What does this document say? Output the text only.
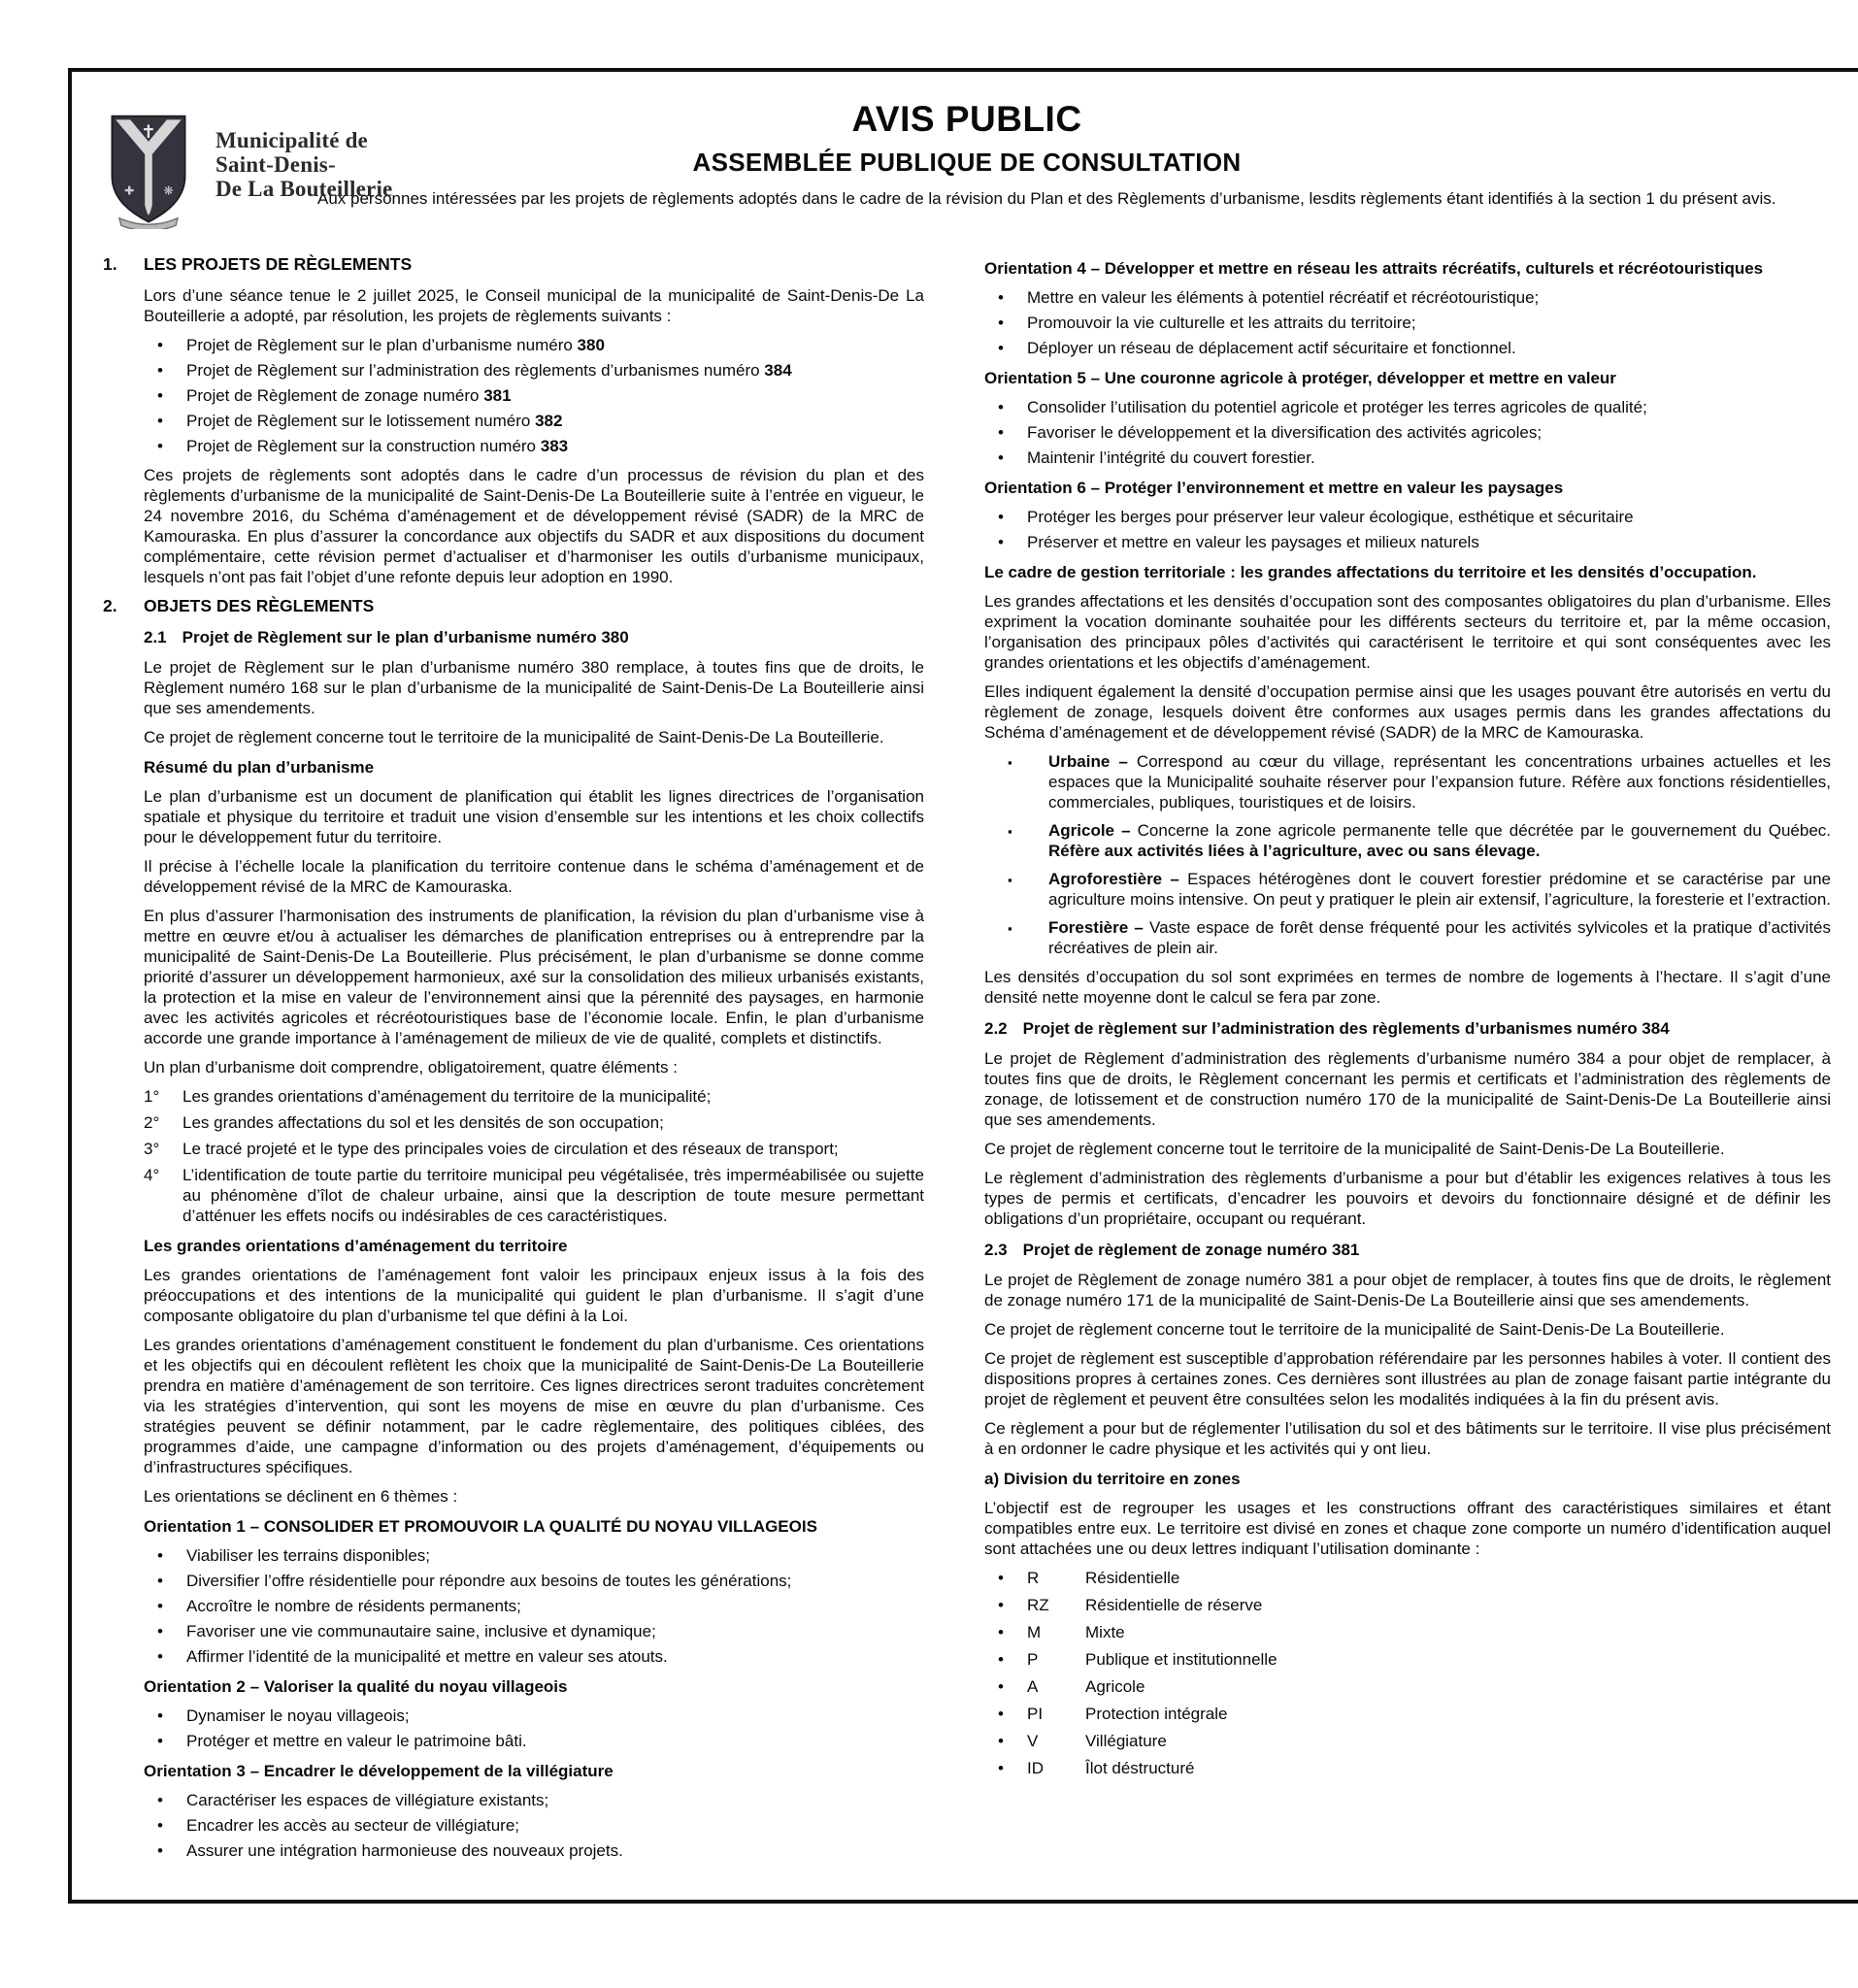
✝
✚ ❋
Municipalité de
Saint-Denis-
De La Bouteillerie
AVIS PUBLIC
ASSEMBLÉE PUBLIQUE DE CONSULTATION
Aux personnes intéressées par les projets de règlements adoptés dans le cadre de la révision du Plan et des Règlements d’urbanisme, lesdits règlements étant identifiés à la section 1 du présent avis.
1. LES PROJETS DE RÈGLEMENTS
Lors d’une séance tenue le 2 juillet 2025, le Conseil municipal de la municipalité de Saint-Denis-De La Bouteillerie a adopté, par résolution, les projets de règlements suivants :
• Projet de Règlement sur le plan d’urbanisme numéro 380
• Projet de Règlement sur l’administration des règlements d’urbanismes numéro 384
• Projet de Règlement de zonage numéro 381
• Projet de Règlement sur le lotissement numéro 382
• Projet de Règlement sur la construction numéro 383
Ces projets de règlements sont adoptés dans le cadre d’un processus de révision du plan et des règlements d’urbanisme de la municipalité de Saint-Denis-De La Bouteillerie suite à l’entrée en vigueur, le 24 novembre 2016, du Schéma d’aménagement et de développement révisé (SADR) de la MRC de Kamouraska. En plus d’assurer la concordance aux objectifs du SADR et aux dispositions du document complémentaire, cette révision permet d’actualiser et d’harmoniser les outils d’urbanisme municipaux, lesquels n’ont pas fait l’objet d’une refonte depuis leur adoption en 1990.
2. OBJETS DES RÈGLEMENTS
2.1 Projet de Règlement sur le plan d’urbanisme numéro 380
Le projet de Règlement sur le plan d’urbanisme numéro 380 remplace, à toutes fins que de droits, le Règlement numéro 168 sur le plan d’urbanisme de la municipalité de Saint-Denis-De La Bouteillerie ainsi que ses amendements.
Ce projet de règlement concerne tout le territoire de la municipalité de Saint-Denis-De La Bouteillerie.
Résumé du plan d’urbanisme
Le plan d’urbanisme est un document de planification qui établit les lignes directrices de l’organisation spatiale et physique du territoire et traduit une vision d’ensemble sur les intentions et les choix collectifs pour le développement futur du territoire.
Il précise à l’échelle locale la planification du territoire contenue dans le schéma d’aménagement et de développement révisé de la MRC de Kamouraska.
En plus d’assurer l’harmonisation des instruments de planification, la révision du plan d’urbanisme vise à mettre en œuvre et/ou à actualiser les démarches de planification entreprises ou à entreprendre par la municipalité de Saint-Denis-De La Bouteillerie. Plus précisément, le plan d’urbanisme se donne comme priorité d’assurer un développement harmonieux, axé sur la consolidation des milieux urbanisés existants, la protection et la mise en valeur de l’environnement ainsi que la pérennité des paysages, en harmonie avec les activités agricoles et récréotouristiques base de l’économie locale. Enfin, le plan d’urbanisme accorde une grande importance à l’aménagement de milieux de vie de qualité, complets et distinctifs.
Un plan d’urbanisme doit comprendre, obligatoirement, quatre éléments :
1° Les grandes orientations d’aménagement du territoire de la municipalité;
2° Les grandes affectations du sol et les densités de son occupation;
3° Le tracé projeté et le type des principales voies de circulation et des réseaux de transport;
4° L’identification de toute partie du territoire municipal peu végétalisée, très imperméabilisée ou sujette au phénomène d’îlot de chaleur urbaine, ainsi que la description de toute mesure permettant d’atténuer les effets nocifs ou indésirables de ces caractéristiques.
Les grandes orientations d’aménagement du territoire
Les grandes orientations de l’aménagement font valoir les principaux enjeux issus à la fois des préoccupations et des intentions de la municipalité qui guident le plan d’urbanisme. Il s’agit d’une composante obligatoire du plan d’urbanisme tel que défini à la Loi.
Les grandes orientations d’aménagement constituent le fondement du plan d’urbanisme. Ces orientations et les objectifs qui en découlent reflètent les choix que la municipalité de Saint-Denis-De La Bouteillerie prendra en matière d’aménagement de son territoire. Ces lignes directrices seront traduites concrètement via les stratégies d’intervention, qui sont les moyens de mise en œuvre du plan d’urbanisme. Ces stratégies peuvent se définir notamment, par le cadre règlementaire, des politiques ciblées, des programmes d’aide, une campagne d’information ou des projets d’aménagement, d’équipements ou d’infrastructures spécifiques.
Les orientations se déclinent en 6 thèmes :
Orientation 1 – CONSOLIDER ET PROMOUVOIR LA QUALITÉ DU NOYAU VILLAGEOIS
• Viabiliser les terrains disponibles;
• Diversifier l’offre résidentielle pour répondre aux besoins de toutes les générations;
• Accroître le nombre de résidents permanents;
• Favoriser une vie communautaire saine, inclusive et dynamique;
• Affirmer l’identité de la municipalité et mettre en valeur ses atouts.
Orientation 2 – Valoriser la qualité du noyau villageois
• Dynamiser le noyau villageois;
• Protéger et mettre en valeur le patrimoine bâti.
Orientation 3 – Encadrer le développement de la villégiature
• Caractériser les espaces de villégiature existants;
• Encadrer les accès au secteur de villégiature;
• Assurer une intégration harmonieuse des nouveaux projets.
Orientation 4 – Développer et mettre en réseau les attraits récréatifs, culturels et récréotouristiques
• Mettre en valeur les éléments à potentiel récréatif et récréotouristique;
• Promouvoir la vie culturelle et les attraits du territoire;
• Déployer un réseau de déplacement actif sécuritaire et fonctionnel.
Orientation 5 – Une couronne agricole à protéger, développer et mettre en valeur
• Consolider l’utilisation du potentiel agricole et protéger les terres agricoles de qualité;
• Favoriser le développement et la diversification des activités agricoles;
• Maintenir l’intégrité du couvert forestier.
Orientation 6 – Protéger l’environnement et mettre en valeur les paysages
• Protéger les berges pour préserver leur valeur écologique, esthétique et sécuritaire
• Préserver et mettre en valeur les paysages et milieux naturels
Le cadre de gestion territoriale : les grandes affectations du territoire et les densités d’occupation.
Les grandes affectations et les densités d’occupation sont des composantes obligatoires du plan d’urbanisme. Elles expriment la vocation dominante souhaitée pour les différents secteurs du territoire et, par la même occasion, l’organisation des principaux pôles d’activités qui caractérisent le territoire et qui sont conséquentes avec les grandes orientations et les objectifs d’aménagement.
Elles indiquent également la densité d’occupation permise ainsi que les usages pouvant être autorisés en vertu du règlement de zonage, lesquels doivent être conformes aux usages permis dans les grandes affectations du Schéma d’aménagement et de développement révisé (SADR) de la MRC de Kamouraska.
▪ Urbaine – Correspond au cœur du village, représentant les concentrations urbaines actuelles et les espaces que la Municipalité souhaite réserver pour l’expansion future. Réfère aux fonctions résidentielles, commerciales, publiques, touristiques et de loisirs.
▪ Agricole – Concerne la zone agricole permanente telle que décrétée par le gouvernement du Québec. Réfère aux activités liées à l’agriculture, avec ou sans élevage.
▪ Agroforestière – Espaces hétérogènes dont le couvert forestier prédomine et se caractérise par une agriculture moins intensive. On peut y pratiquer le plein air extensif, l’agriculture, la foresterie et l’extraction.
▪ Forestière – Vaste espace de forêt dense fréquenté pour les activités sylvicoles et la pratique d’activités récréatives de plein air.
Les densités d’occupation du sol sont exprimées en termes de nombre de logements à l’hectare. Il s’agit d’une densité nette moyenne dont le calcul se fera par zone.
2.2 Projet de règlement sur l’administration des règlements d’urbanismes numéro 384
Le projet de Règlement d’administration des règlements d’urbanisme numéro 384 a pour objet de remplacer, à toutes fins que de droits, le Règlement concernant les permis et certificats et l’administration des règlements de zonage, de lotissement et de construction numéro 170 de la municipalité de Saint-Denis-De La Bouteillerie ainsi que ses amendements.
Ce projet de règlement concerne tout le territoire de la municipalité de Saint-Denis-De La Bouteillerie.
Le règlement d’administration des règlements d’urbanisme a pour but d’établir les exigences relatives à tous les types de permis et certificats, d’encadrer les pouvoirs et devoirs du fonctionnaire désigné et de définir les obligations d’un propriétaire, occupant ou requérant.
2.3 Projet de règlement de zonage numéro 381
Le projet de Règlement de zonage numéro 381 a pour objet de remplacer, à toutes fins que de droits, le règlement de zonage numéro 171 de la municipalité de Saint-Denis-De La Bouteillerie ainsi que ses amendements.
Ce projet de règlement concerne tout le territoire de la municipalité de Saint-Denis-De La Bouteillerie.
Ce projet de règlement est susceptible d’approbation référendaire par les personnes habiles à voter. Il contient des dispositions propres à certaines zones. Ces dernières sont illustrées au plan de zonage faisant partie intégrante du projet de règlement et peuvent être consultées selon les modalités indiquées à la fin du présent avis.
Ce règlement a pour but de réglementer l’utilisation du sol et des bâtiments sur le territoire. Il vise plus précisément à en ordonner le cadre physique et les activités qui y ont lieu.
a) Division du territoire en zones
L’objectif est de regrouper les usages et les constructions offrant des caractéristiques similaires et étant compatibles entre eux. Le territoire est divisé en zones et chaque zone comporte un numéro d’identification auquel sont attachées une ou deux lettres indiquant l’utilisation dominante :
• R	Résidentielle
• RZ Résidentielle de réserve
• M	Mixte
• P	Publique et institutionnelle
• A	Agricole
• PI	Protection intégrale
• V	Villégiature
• ID	Îlot déstructuré
